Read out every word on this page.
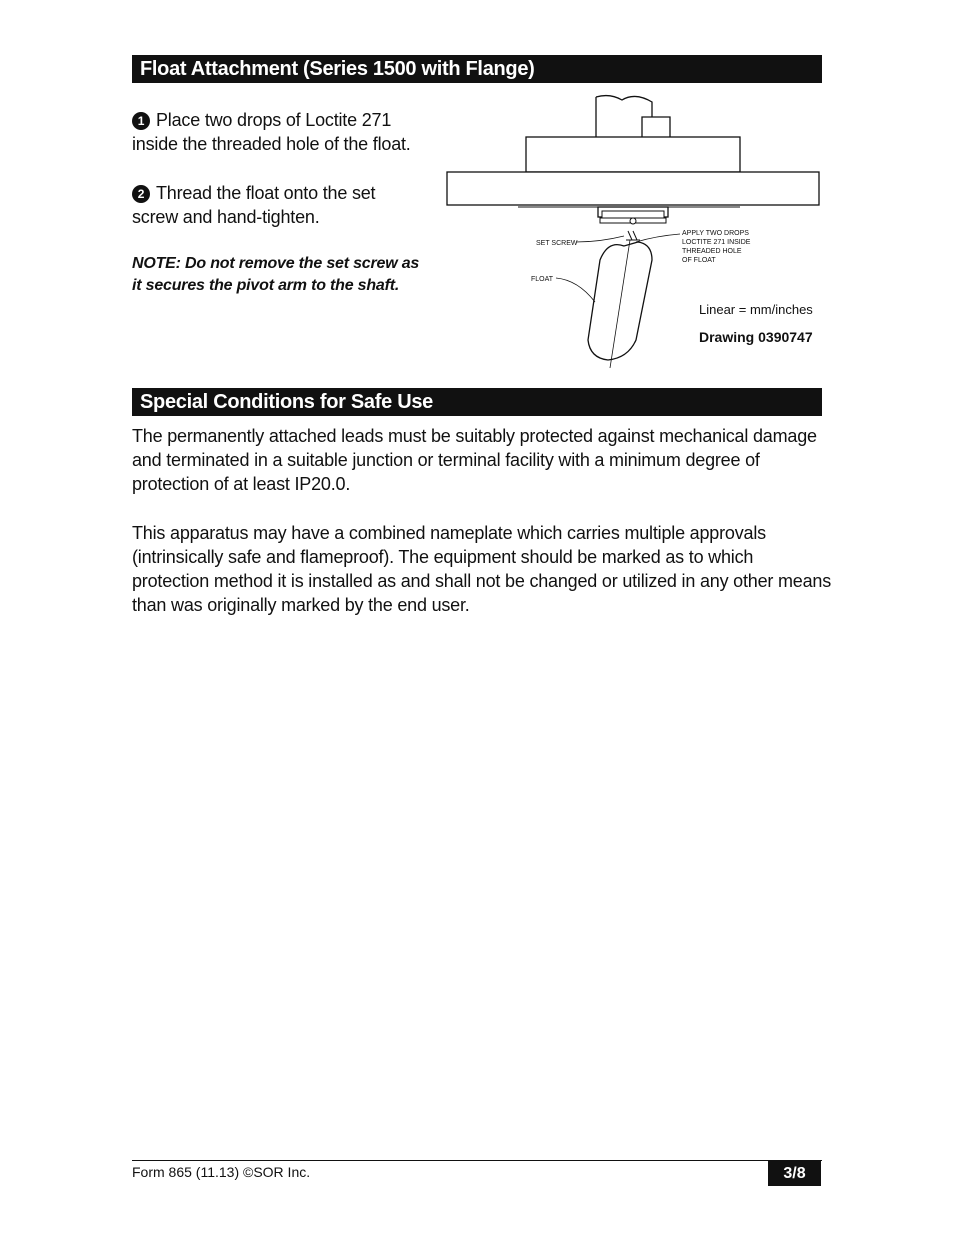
Float Attachment (Series 1500 with Flange)
1 Place two drops of Loctite 271 inside the threaded hole of the float.
2 Thread the float onto the set screw and hand-tighten.
NOTE: Do not remove the set screw as it secures the pivot arm to the shaft.
SET SCREW
FLOAT
APPLY TWO DROPS
LOCTITE 271 INSIDE
THREADED HOLE
OF FLOAT
Linear = mm/inches
Drawing 0390747
Special Conditions for Safe Use
The permanently attached leads must be suitably protected against mechanical damage and terminated in a suitable junction or terminal facility with a minimum degree of protection of at least IP20.0.
This apparatus may have a combined nameplate which carries multiple approvals (intrinsically safe and flameproof). The equipment should be marked as to which protection method it is installed as and shall not be changed or utilized in any other means than was originally marked by the end user.
Form 865 (11.13) ©SOR Inc.	3/8
